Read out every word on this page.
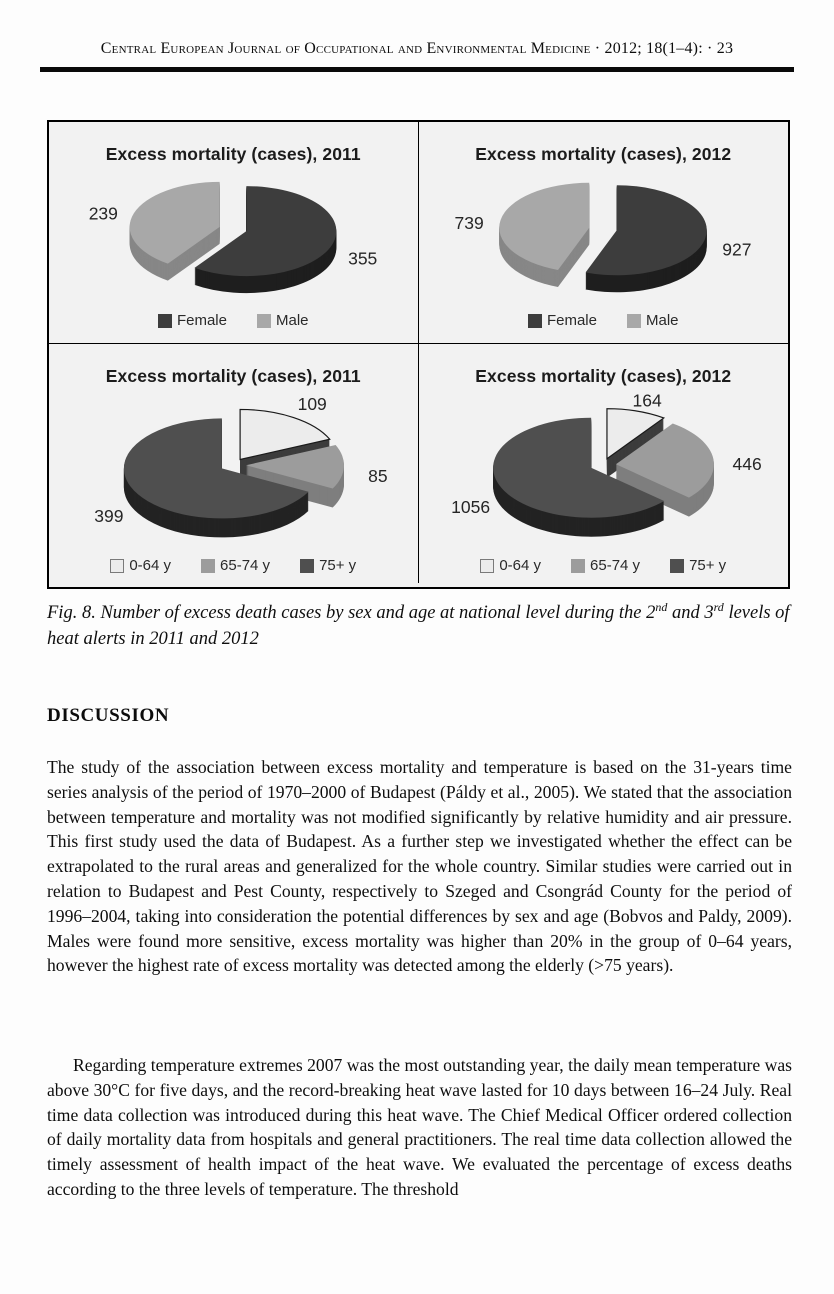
Central European Journal of Occupational and Environmental Medicine · 2012; 18(1–4): · 23
Excess mortality (cases), 2011
355
239
Female	Male
Excess mortality (cases), 2012
927
739
Female	Male
Excess mortality (cases), 2011
109
85
399
0-64 y	65-74 y	75+ y
Excess mortality (cases), 2012
164
446
1056
0-64 y	65-74 y	75+ y
Fig. 8. Number of excess death cases by sex and age at national level during the 2nd and 3rd levels of heat alerts in 2011 and 2012
DISCUSSION

The study of the association between excess mortality and temperature is based on the 31-years time series analysis of the period of 1970–2000 of Budapest (Páldy et al., 2005). We stated that the association between temperature and mortality was not modified significantly by relative humidity and air pressure. This first study used the data of Budapest. As a further step we investigated whether the effect can be extrapolated to the rural areas and generalized for the whole country. Similar studies were carried out in relation to Budapest and Pest County, respectively to Szeged and Csongrád County for the period of 1996–2004, taking into consideration the potential differences by sex and age (Bobvos and Paldy, 2009). Males were found more sensitive, excess mortality was higher than 20% in the group of 0–64 years, however the highest rate of excess mortality was detected among the elderly (>75 years).

Regarding temperature extremes 2007 was the most outstanding year, the daily mean temperature was above 30°C for five days, and the record-breaking heat wave lasted for 10 days between 16–24 July. Real time data collection was introduced during this heat wave. The Chief Medical Officer ordered collection of daily mortality data from hospitals and general practitioners. The real time data collection allowed the timely assessment of health impact of the heat wave. We evaluated the percentage of excess deaths according to the three levels of temperature. The threshold
